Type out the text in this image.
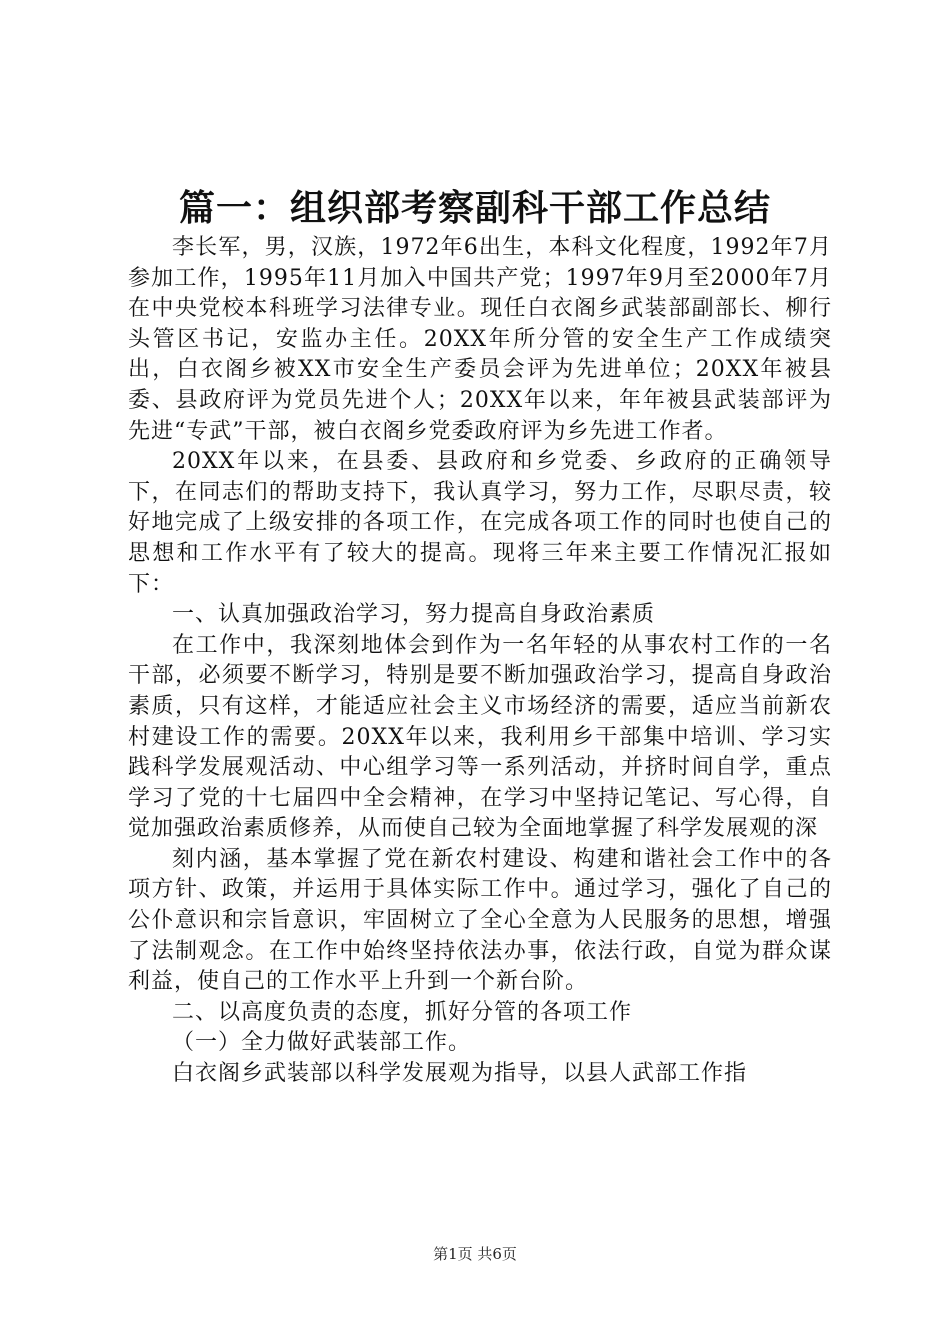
篇一：组织部考察副科干部工作总结

李长军，男，汉族，1972年6出生，本科文化程度，1992年7月参加工作，1995年11月加入中国共产党；1997年9月至2000年7月在中央党校本科班学习法律专业。现任白衣阁乡武装部副部长、柳行头管区书记，安监办主任。20XX年所分管的安全生产工作成绩突出，白衣阁乡被XX市安全生产委员会评为先进单位；20XX年被县委、县政府评为党员先进个人；20XX年以来，年年被县武装部评为先进“专武”干部，被白衣阁乡党委政府评为乡先进工作者。

20XX年以来，在县委、县政府和乡党委、乡政府的正确领导下，在同志们的帮助支持下，我认真学习，努力工作，尽职尽责，较好地完成了上级安排的各项工作，在完成各项工作的同时也使自己的思想和工作水平有了较大的提高。现将三年来主要工作情况汇报如下：

一、认真加强政治学习，努力提高自身政治素质

在工作中，我深刻地体会到作为一名年轻的从事农村工作的一名干部，必须要不断学习，特别是要不断加强政治学习，提高自身政治素质，只有这样，才能适应社会主义市场经济的需要，适应当前新农村建设工作的需要。20XX年以来，我利用乡干部集中培训、学习实践科学发展观活动、中心组学习等一系列活动，并挤时间自学，重点学习了党的十七届四中全会精神，在学习中坚持记笔记、写心得，自觉加强政治素质修养，从而使自己较为全面地掌握了科学发展观的深

刻内涵，基本掌握了党在新农村建设、构建和谐社会工作中的各项方针、政策，并运用于具体实际工作中。通过学习，强化了自己的公仆意识和宗旨意识，牢固树立了全心全意为人民服务的思想，增强了法制观念。在工作中始终坚持依法办事，依法行政，自觉为群众谋利益，使自己的工作水平上升到一个新台阶。

二、以高度负责的态度，抓好分管的各项工作

（一）全力做好武装部工作。

白衣阁乡武装部以科学发展观为指导，以县人武部工作指

第1页 共6页
